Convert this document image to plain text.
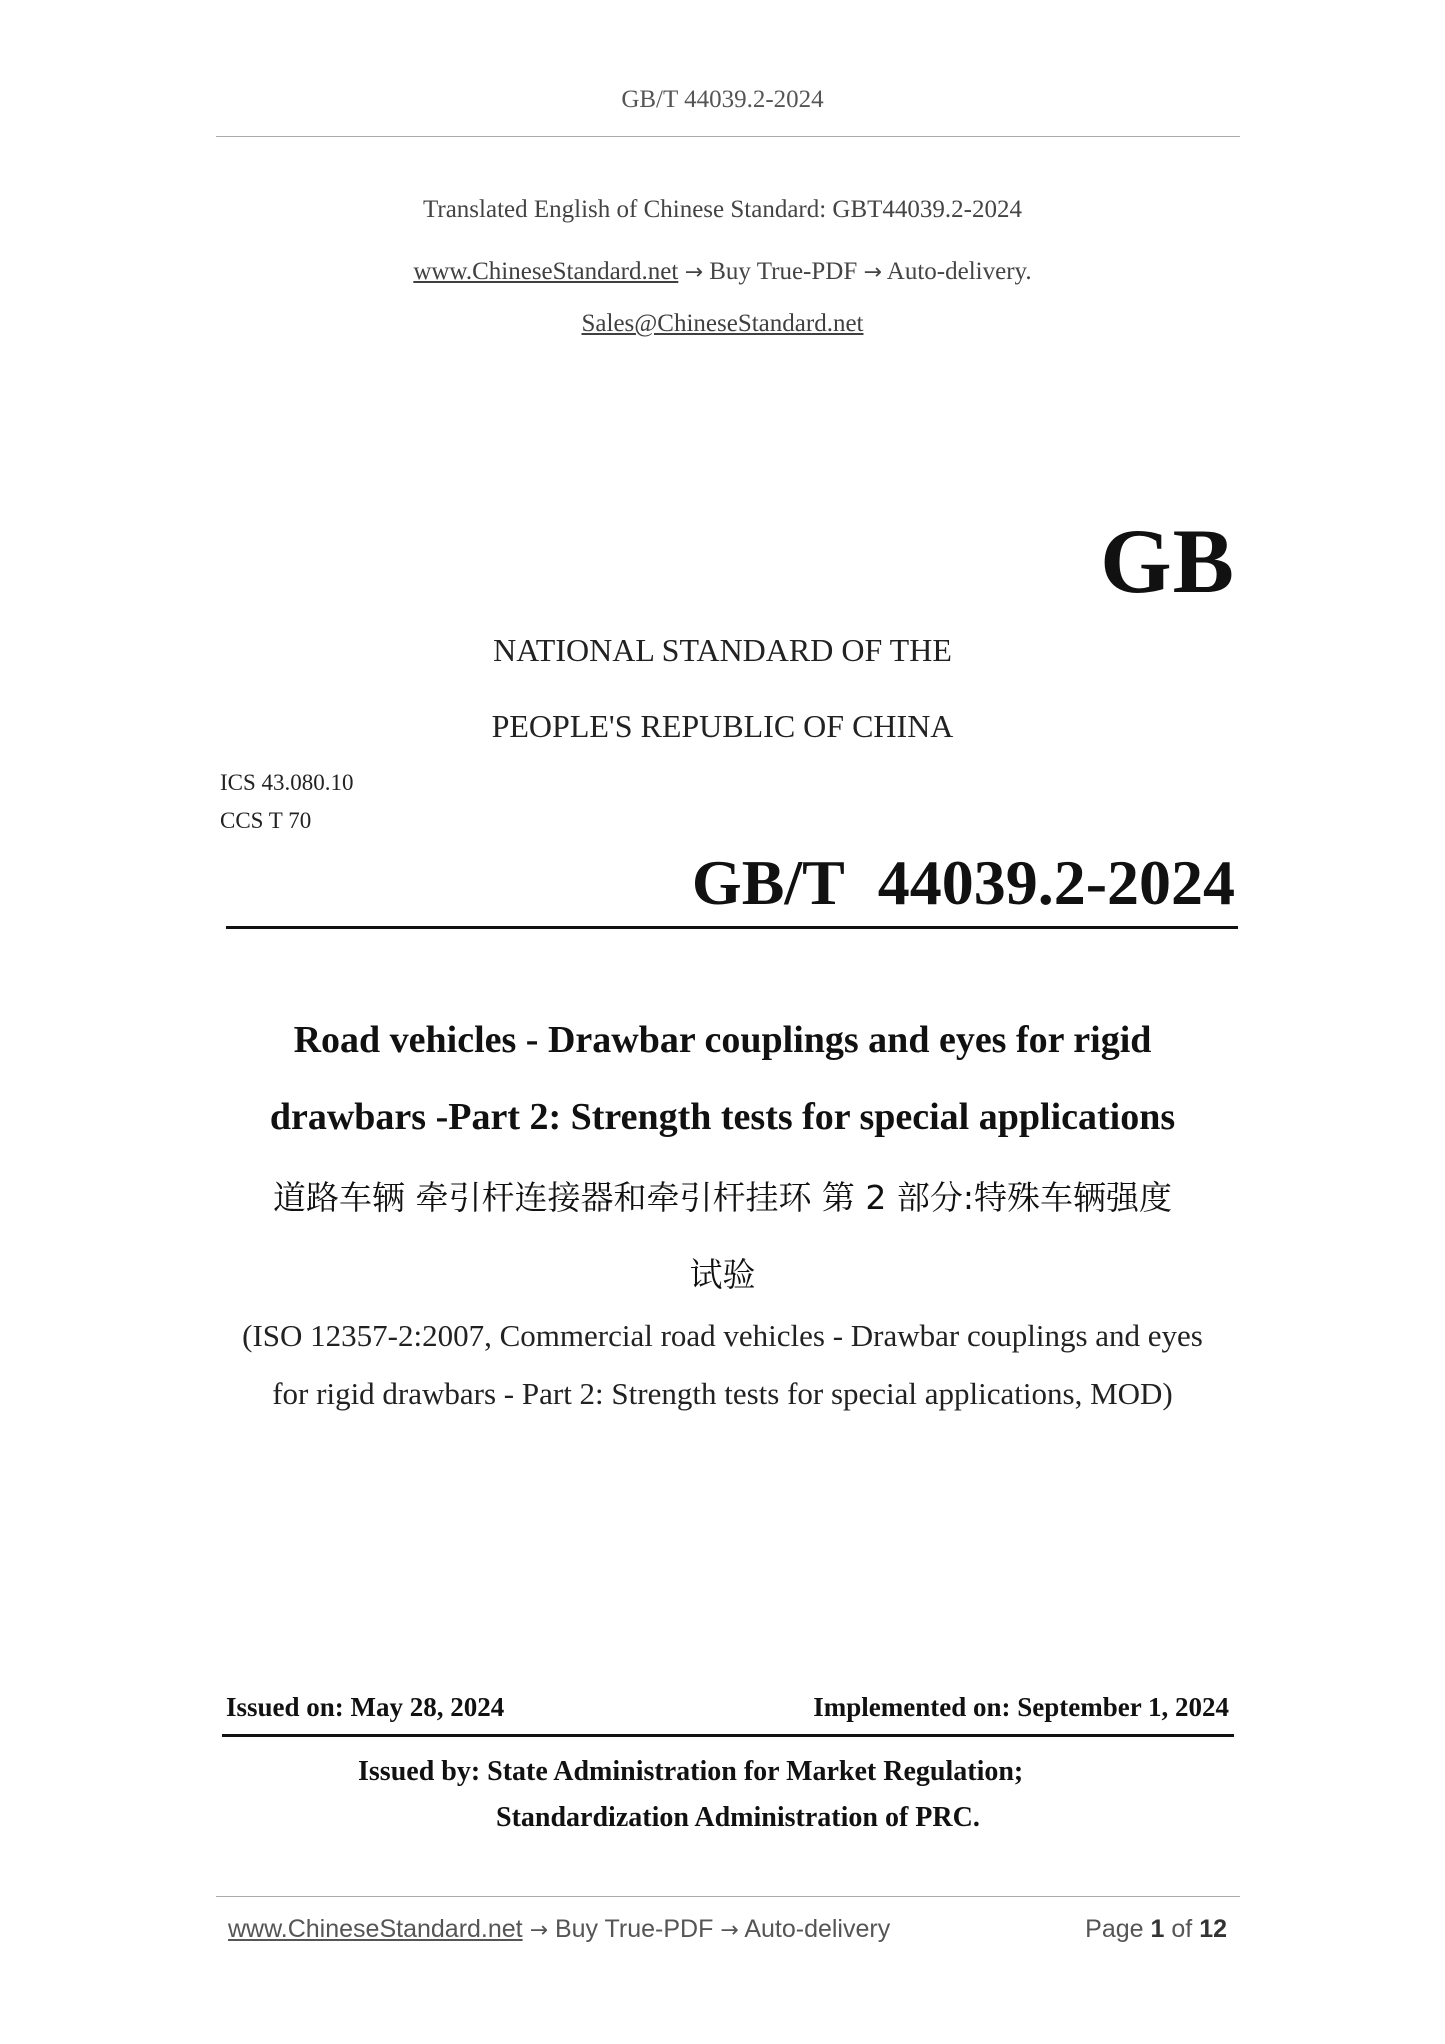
GB/T 44039.2-2024
Translated English of Chinese Standard: GBT44039.2-2024
www.ChineseStandard.net → Buy True-PDF → Auto-delivery.
Sales@ChineseStandard.net
GB
NATIONAL STANDARD OF THE
PEOPLE'S REPUBLIC OF CHINA
ICS 43.080.10
CCS T 70
GB/T 44039.2-2024
Road vehicles - Drawbar couplings and eyes for rigid
drawbars -Part 2: Strength tests for special applications
道路车辆 牵引杆连接器和牵引杆挂环 第 2 部分:特殊车辆强度
试验
(ISO 12357-2:2007, Commercial road vehicles - Drawbar couplings and eyes
for rigid drawbars - Part 2: Strength tests for special applications, MOD)
Issued on: May 28, 2024	Implemented on: September 1, 2024
Issued by: State Administration for Market Regulation;
Standardization Administration of PRC.
www.ChineseStandard.net → Buy True-PDF → Auto-delivery	Page 1 of 12
